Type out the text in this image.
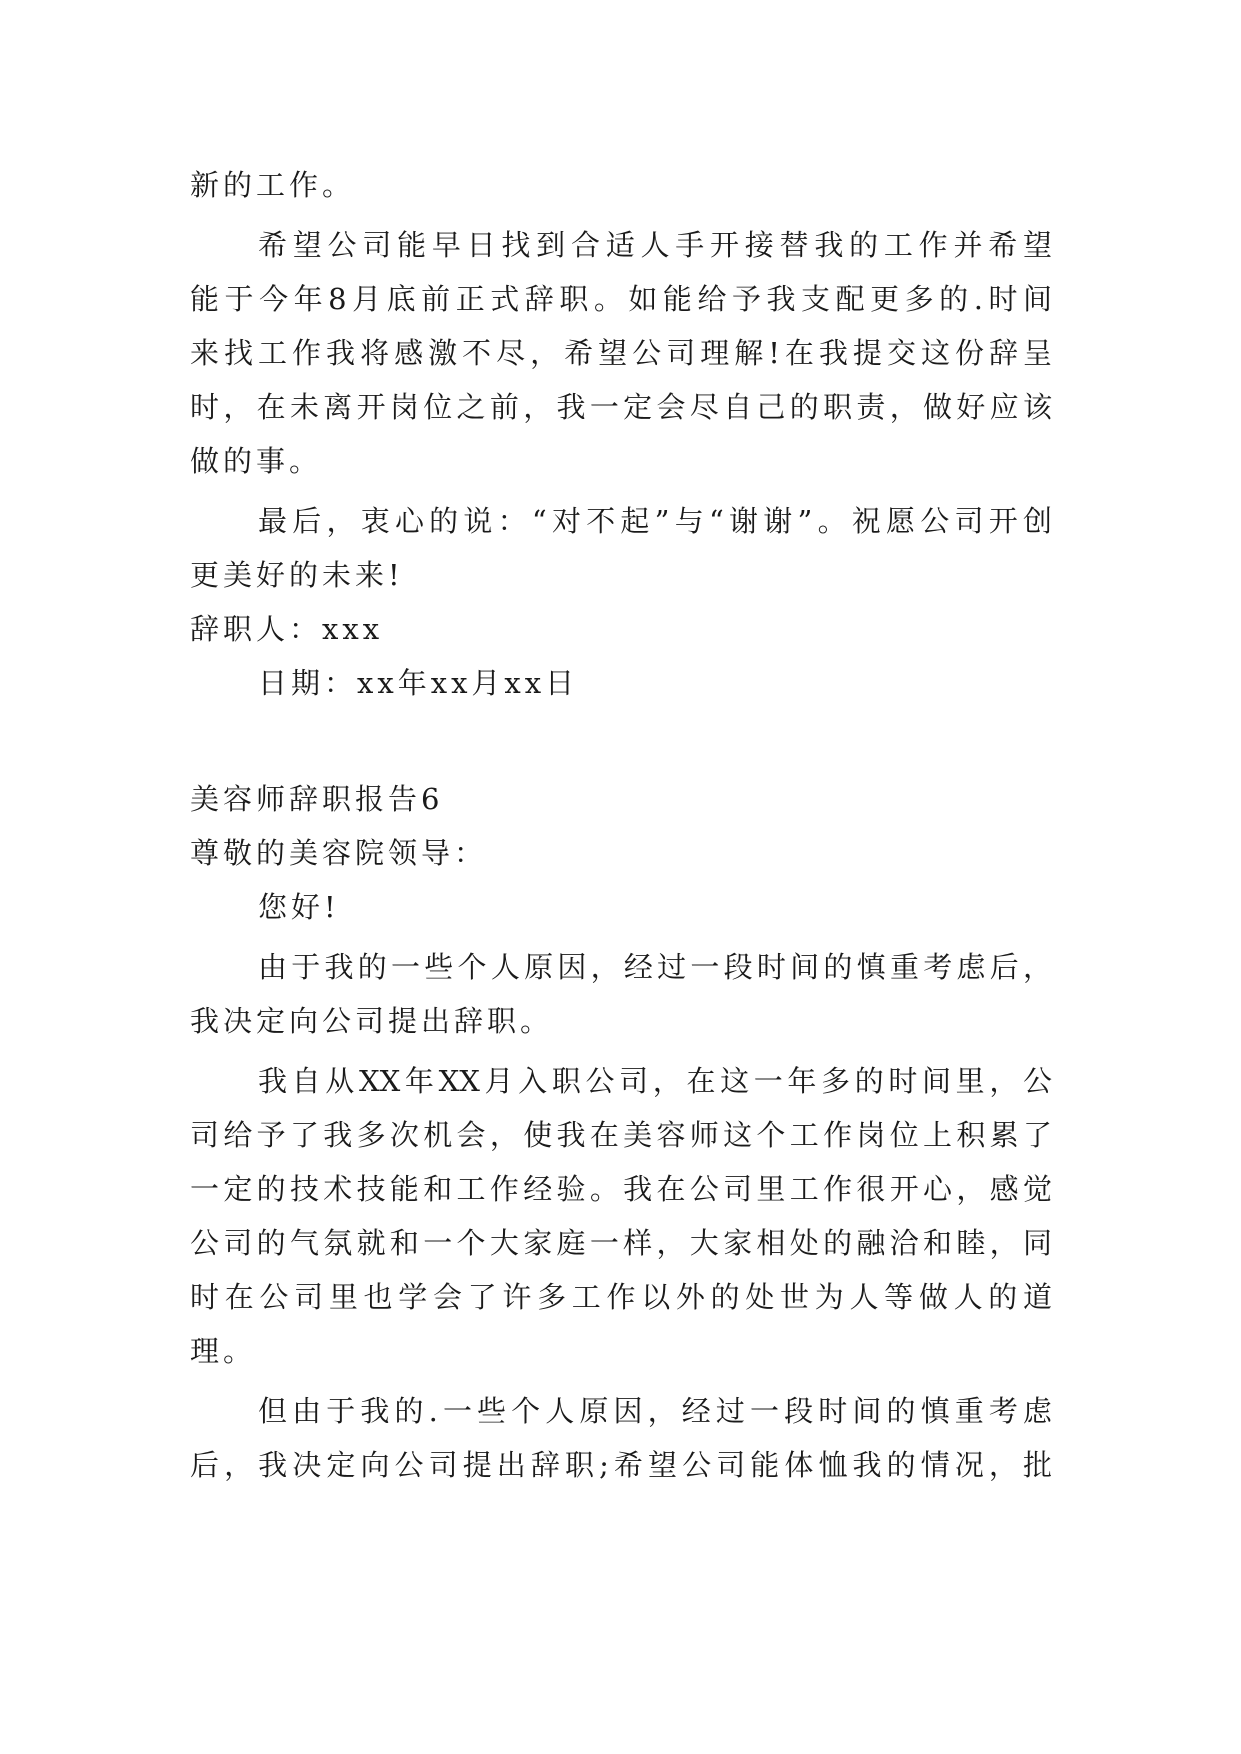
新的工作。
希望公司能早日找到合适人手开接替我的工作并希望
能于今年8月底前正式辞职。如能给予我支配更多的.时间
来找工作我将感激不尽，希望公司理解!在我提交这份辞呈
时，在未离开岗位之前，我一定会尽自己的职责，做好应该
做的事。
最后，衷心的说：“对不起”与“谢谢”。祝愿公司开创
更美好的未来!
辞职人：xxx
日期：xx年xx月xx日
美容师辞职报告6
尊敬的美容院领导：
您好!
由于我的一些个人原因，经过一段时间的慎重考虑后，
我决定向公司提出辞职。
我自从XX年XX月入职公司，在这一年多的时间里，公
司给予了我多次机会，使我在美容师这个工作岗位上积累了
一定的技术技能和工作经验。我在公司里工作很开心，感觉
公司的气氛就和一个大家庭一样，大家相处的融洽和睦，同
时在公司里也学会了许多工作以外的处世为人等做人的道
理。
但由于我的.一些个人原因，经过一段时间的慎重考虑
后，我决定向公司提出辞职;希望公司能体恤我的情况，批
